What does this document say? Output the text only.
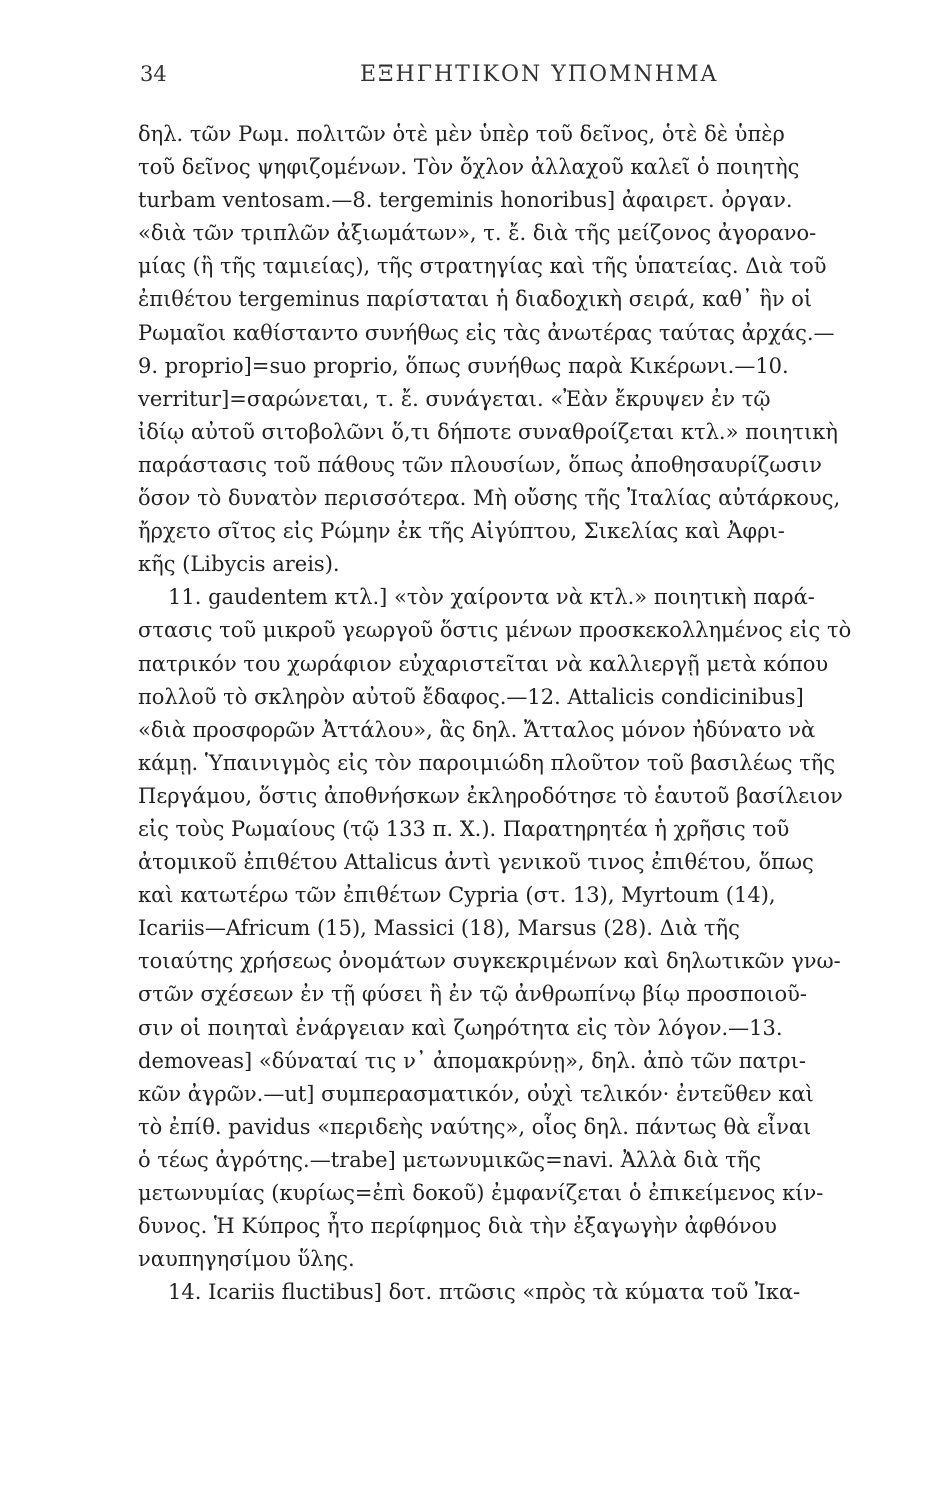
34	ΕΞΗΓΗΤΙΚΟΝ ΥΠΟΜΝΗΜΑ
δηλ. τῶν Ρωμ. πολιτῶν ὁτὲ μὲν ὑπὲρ τοῦ δεῖνος, ὁτὲ δὲ ὑπὲρ
τοῦ δεῖνος ψηφιζομένων. Τὸν ὄχλον ἀλλαχοῦ καλεῖ ὁ ποιητὴς
turbam ventosam.—8. tergeminis honoribus] ἀφαιρετ. ὀργαν.
«διὰ τῶν τριπλῶν ἀξιωμάτων», τ. ἔ. διὰ τῆς μείζονος ἀγορανο-
μίας (ἢ τῆς ταμιείας), τῆς στρατηγίας καὶ τῆς ὑπατείας. Διὰ τοῦ
ἐπιθέτου tergeminus παρίσταται ἡ διαδοχικὴ σειρά, καθ᾽ ἣν οἱ
Ρωμαῖοι καθίσταντο συνήθως εἰς τὰς ἀνωτέρας ταύτας ἀρχάς.—
9. proprio]=suo proprio, ὅπως συνήθως παρὰ Κικέρωνι.—10.
verritur]=σαρώνεται, τ. ἔ. συνάγεται. «Ἐὰν ἔκρυψεν ἐν τῷ
ἰδίῳ αὐτοῦ σιτοβολῶνι ὅ,τι δήποτε συναθροίζεται κτλ.» ποιητικὴ
παράστασις τοῦ πάθους τῶν πλουσίων, ὅπως ἀποθησαυρίζωσιν
ὅσον τὸ δυνατὸν περισσότερα. Μὴ οὔσης τῆς Ἰταλίας αὐτάρκους,
ἤρχετο σῖτος εἰς Ρώμην ἐκ τῆς Αἰγύπτου, Σικελίας καὶ Ἀφρι-
κῆς (Libycis areis).
11. gaudentem κτλ.] «τὸν χαίροντα νὰ κτλ.» ποιητικὴ παρά-
στασις τοῦ μικροῦ γεωργοῦ ὅστις μένων προσκεκολλημένος εἰς τὸ
πατρικόν του χωράφιον εὐχαριστεῖται νὰ καλλιεργῇ μετὰ κόπου
πολλοῦ τὸ σκληρὸν αὐτοῦ ἔδαφος.—12. Attalicis condicinibus]
«διὰ προσφορῶν Ἀττάλου», ἃς δηλ. Ἄτταλος μόνον ἠδύνατο νὰ
κάμῃ. Ὑπαινιγμὸς εἰς τὸν παροιμιώδη πλοῦτον τοῦ βασιλέως τῆς
Περγάμου, ὅστις ἀποθνήσκων ἐκληροδότησε τὸ ἑαυτοῦ βασίλειον
εἰς τοὺς Ρωμαίους (τῷ 133 π. Χ.). Παρατηρητέα ἡ χρῆσις τοῦ
ἀτομικοῦ ἐπιθέτου Attalicus ἀντὶ γενικοῦ τινος ἐπιθέτου, ὅπως
καὶ κατωτέρω τῶν ἐπιθέτων Cypria (στ. 13), Myrtoum (14),
Icariis—Africum (15), Massici (18), Marsus (28). Διὰ τῆς
τοιαύτης χρήσεως ὀνομάτων συγκεκριμένων καὶ δηλωτικῶν γνω-
στῶν σχέσεων ἐν τῇ φύσει ἢ ἐν τῷ ἀνθρωπίνῳ βίῳ προσποιοῦ-
σιν οἱ ποιηταὶ ἐνάργειαν καὶ ζωηρότητα εἰς τὸν λόγον.—13.
demoveas] «δύναταί τις ν᾽ ἀπομακρύνῃ», δηλ. ἀπὸ τῶν πατρι-
κῶν ἀγρῶν.—ut] συμπερασματικόν, οὐχὶ τελικόν· ἐντεῦθεν καὶ
τὸ ἐπίθ. pavidus «περιδεὴς ναύτης», οἷος δηλ. πάντως θὰ εἶναι
ὁ τέως ἀγρότης.—trabe] μετωνυμικῶς=navi. Ἀλλὰ διὰ τῆς
μετωνυμίας (κυρίως=ἐπὶ δοκοῦ) ἐμφανίζεται ὁ ἐπικείμενος κίν-
δυνος. Ἡ Κύπρος ἦτο περίφημος διὰ τὴν ἐξαγωγὴν ἀφθόνου
ναυπηγησίμου ὕλης.
14. Icariis fluctibus] δοτ. πτῶσις «πρὸς τὰ κύματα τοῦ Ἰκα-
